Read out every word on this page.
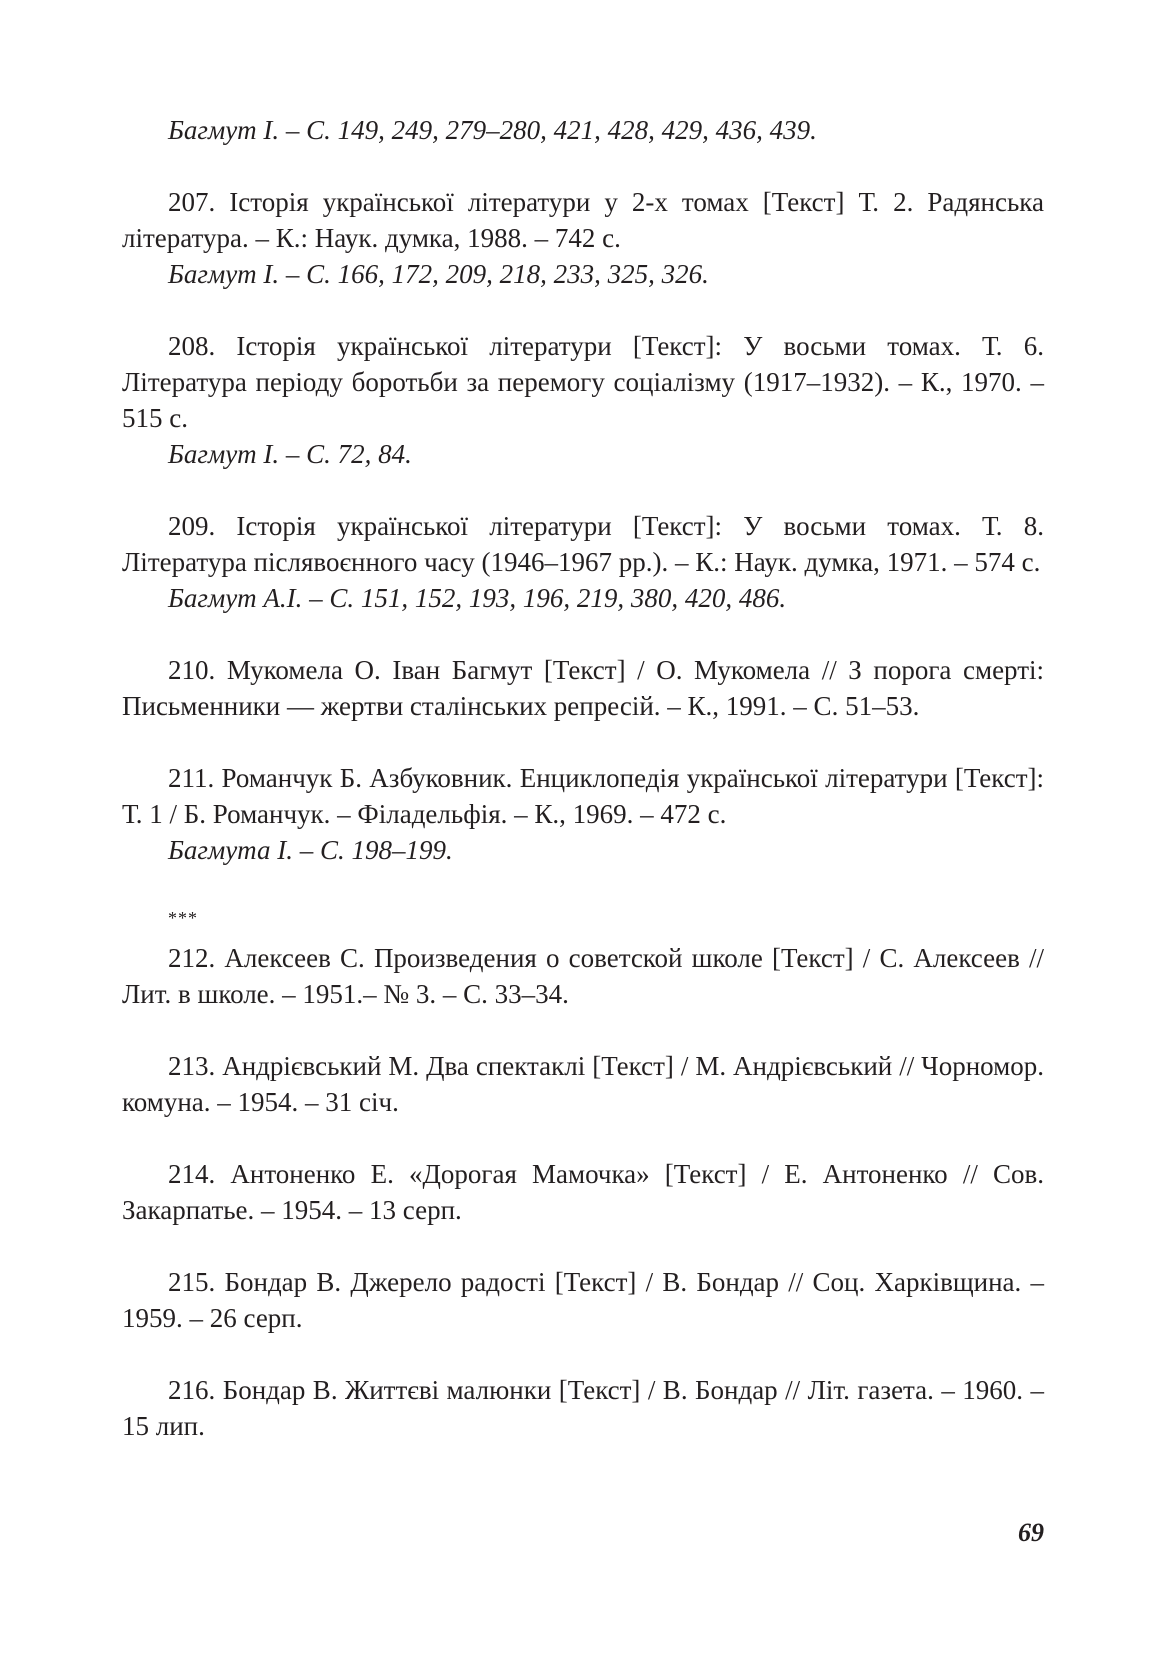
Багмут І. – С. 149, 249, 279–280, 421, 428, 429, 436, 439.

207. Історія української літератури у 2-х томах [Текст] Т. 2. Радянська література. – К.: Наук. думка, 1988. – 742 с.

Багмут І. – С. 166, 172, 209, 218, 233, 325, 326.

208. Історія української літератури [Текст]: У восьми томах. Т. 6. Література періоду боротьби за перемогу соціалізму (1917–1932). – К., 1970. – 515 с.

Багмут І. – С. 72, 84.

209. Історія української літератури [Текст]: У восьми томах. Т. 8. Література післявоєнного часу (1946–1967 рр.). – К.: Наук. думка, 1971. – 574 с.

Багмут А.І. – С. 151, 152, 193, 196, 219, 380, 420, 486.

210. Мукомела О. Іван Багмут [Текст] / О. Мукомела // З порога смерті: Письменники — жертви сталінських репресій. – К., 1991. – С. 51–53.

211. Романчук Б. Азбуковник. Енциклопедія української літератури [Текст]: Т. 1 / Б. Романчук. – Філадельфія. – К., 1969. – 472 с.

Багмута І. – С. 198–199.

***

212. Алексеев С. Произведения о советской школе [Текст] / С. Алексеев // Лит. в школе. – 1951.– № 3. – С. 33–34.

213. Андрієвський М. Два спектаклі [Текст] / М. Андрієвський // Чорномор. комуна. – 1954. – 31 січ.

214. Антоненко Е. «Дорогая Мамочка» [Текст] / Е. Антоненко // Сов. Закарпатье. – 1954. – 13 серп.

215. Бондар В. Джерело радості [Текст] / В. Бондар // Соц. Харківщина. – 1959. – 26 серп.

216. Бондар В. Життєві малюнки [Текст] / В. Бондар // Літ. газета. – 1960. – 15 лип.

69
